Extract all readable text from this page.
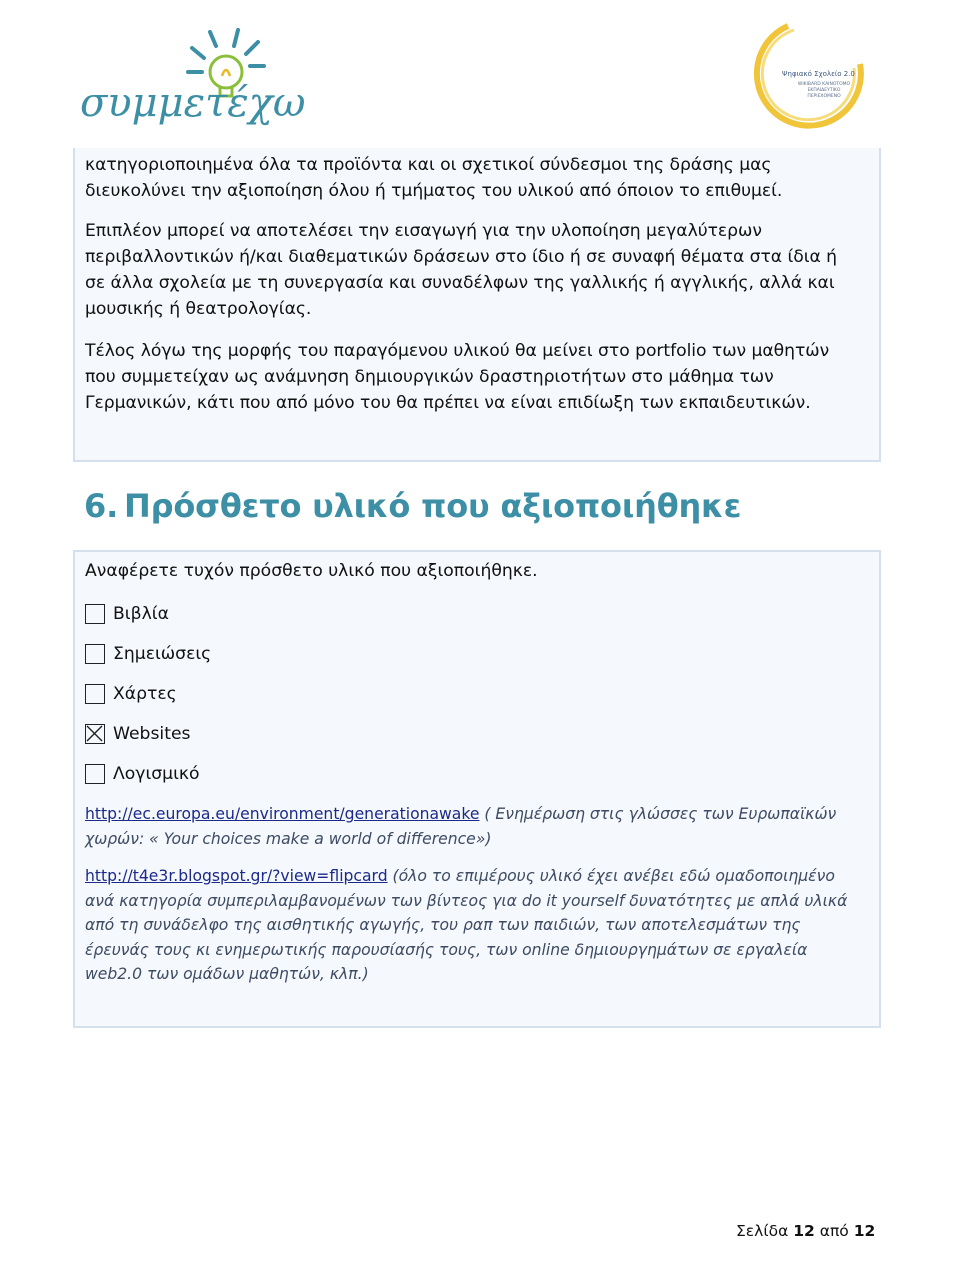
συμμετέχω
Ψηφιακό Σχολείο 2.0
WIKIBARD ΚΑΙΝΟΤΟΜΟ ΕΚΠΑΙΔΕΥΤΙΚΟ ΠΕΡΙΕΧΟΜΕΝΟ

κατηγοριοποιημένα όλα τα προϊόντα και οι σχετικοί σύνδεσμοι της δράσης μας διευκολύνει την αξιοποίηση όλου ή τμήματος του υλικού από όποιον το επιθυμεί.

Επιπλέον μπορεί να αποτελέσει την εισαγωγή για την υλοποίηση μεγαλύτερων περιβαλλοντικών ή/και διαθεματικών δράσεων στο ίδιο ή σε συναφή θέματα στα ίδια ή σε άλλα σχολεία με τη συνεργασία και συναδέλφων της γαλλικής ή αγγλικής, αλλά και μουσικής ή θεατρολογίας.

Τέλος λόγω της μορφής του παραγόμενου υλικού θα μείνει στο portfolio των μαθητών που συμμετείχαν ως ανάμνηση δημιουργικών δραστηριοτήτων στο μάθημα των Γερμανικών, κάτι που από μόνο του θα πρέπει να είναι επιδίωξη των εκπαιδευτικών.

6. Πρόσθετο υλικό που αξιοποιήθηκε

Αναφέρετε τυχόν πρόσθετο υλικό που αξιοποιήθηκε.

Βιβλία
Σημειώσεις
Χάρτες
Websites
Λογισμικό

http://ec.europa.eu/environment/generationawake ( Ενημέρωση στις γλώσσες των Ευρωπαϊκών χωρών: « Your choices make a world of difference»)

http://t4e3r.blogspot.gr/?view=flipcard (όλο το επιμέρους υλικό έχει ανέβει εδώ ομαδοποιημένο ανά κατηγορία συμπεριλαμβανομένων των βίντεος για do it yourself δυνατότητες με απλά υλικά από τη συνάδελφο της αισθητικής αγωγής, του ραπ των παιδιών, των αποτελεσμάτων της έρευνάς τους κι ενημερωτικής παρουσίασής τους, των online δημιουργημάτων σε εργαλεία web2.0 των ομάδων μαθητών, κλπ.)

Σελίδα 12 από 12
